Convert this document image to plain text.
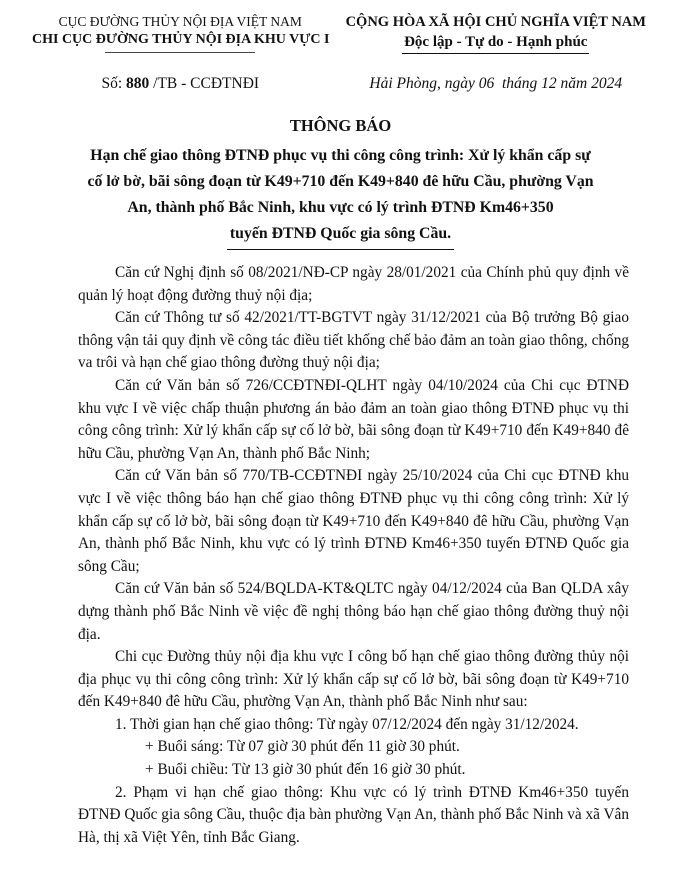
CỤC ĐƯỜNG THỦY NỘI ĐỊA VIỆT NAM
CHI CỤC ĐƯỜNG THỦY NỘI ĐỊA KHU VỰC I
CỘNG HÒA XÃ HỘI CHỦ NGHĨA VIỆT NAM
Độc lập - Tự do - Hạnh phúc
Số: 880 /TB - CCĐTNĐI	Hải Phòng, ngày 06  tháng 12 năm 2024
THÔNG BÁO
Hạn chế giao thông ĐTNĐ phục vụ thi công công trình: Xử lý khẩn cấp sự
cố lở bờ, bãi sông đoạn từ K49+710 đến K49+840 đê hữu Cầu, phường Vạn
An, thành phố Bắc Ninh, khu vực có lý trình ĐTNĐ Km46+350
tuyến ĐTNĐ Quốc gia sông Cầu.

Căn cứ Nghị định số 08/2021/NĐ-CP ngày 28/01/2021 của Chính phủ quy định về quản lý hoạt động đường thuỷ nội địa;

Căn cứ Thông tư số 42/2021/TT-BGTVT ngày 31/12/2021 của Bộ trưởng Bộ giao thông vận tải quy định về công tác điều tiết khống chế bảo đảm an toàn giao thông, chống va trôi và hạn chế giao thông đường thuỷ nội địa;

Căn cứ Văn bản số 726/CCĐTNĐI-QLHT ngày 04/10/2024 của Chi cục ĐTNĐ khu vực I về việc chấp thuận phương án bảo đảm an toàn giao thông ĐTNĐ phục vụ thi công công trình: Xử lý khẩn cấp sự cố lở bờ, bãi sông đoạn từ K49+710 đến K49+840 đê hữu Cầu, phường Vạn An, thành phố Bắc Ninh;

Căn cứ Văn bản số 770/TB-CCĐTNĐI ngày 25/10/2024 của Chi cục ĐTNĐ khu vực I về việc thông báo hạn chế giao thông ĐTNĐ phục vụ thi công công trình: Xử lý khẩn cấp sự cố lở bờ, bãi sông đoạn từ K49+710 đến K49+840 đê hữu Cầu, phường Vạn An, thành phố Bắc Ninh, khu vực có lý trình ĐTNĐ Km46+350 tuyến ĐTNĐ Quốc gia sông Cầu;

Căn cứ Văn bản số 524/BQLDA-KT&QLTC ngày 04/12/2024 của Ban QLDA xây dựng thành phố Bắc Ninh về việc đề nghị thông báo hạn chế giao thông đường thuỷ nội địa.

Chi cục Đường thủy nội địa khu vực I công bố hạn chế giao thông đường thủy nội địa phục vụ thi công công trình: Xử lý khẩn cấp sự cố lở bờ, bãi sông đoạn từ K49+710 đến K49+840 đê hữu Cầu, phường Vạn An, thành phố Bắc Ninh như sau:

1. Thời gian hạn chế giao thông: Từ ngày 07/12/2024 đến ngày 31/12/2024.

+ Buổi sáng: Từ 07 giờ 30 phút đến 11 giờ 30 phút.

+ Buổi chiều: Từ 13 giờ 30 phút đến 16 giờ 30 phút.

2. Phạm vi hạn chế giao thông: Khu vực có lý trình ĐTNĐ Km46+350 tuyến ĐTNĐ Quốc gia sông Cầu, thuộc địa bàn phường Vạn An, thành phố Bắc Ninh và xã Vân Hà, thị xã Việt Yên, tỉnh Bắc Giang.
